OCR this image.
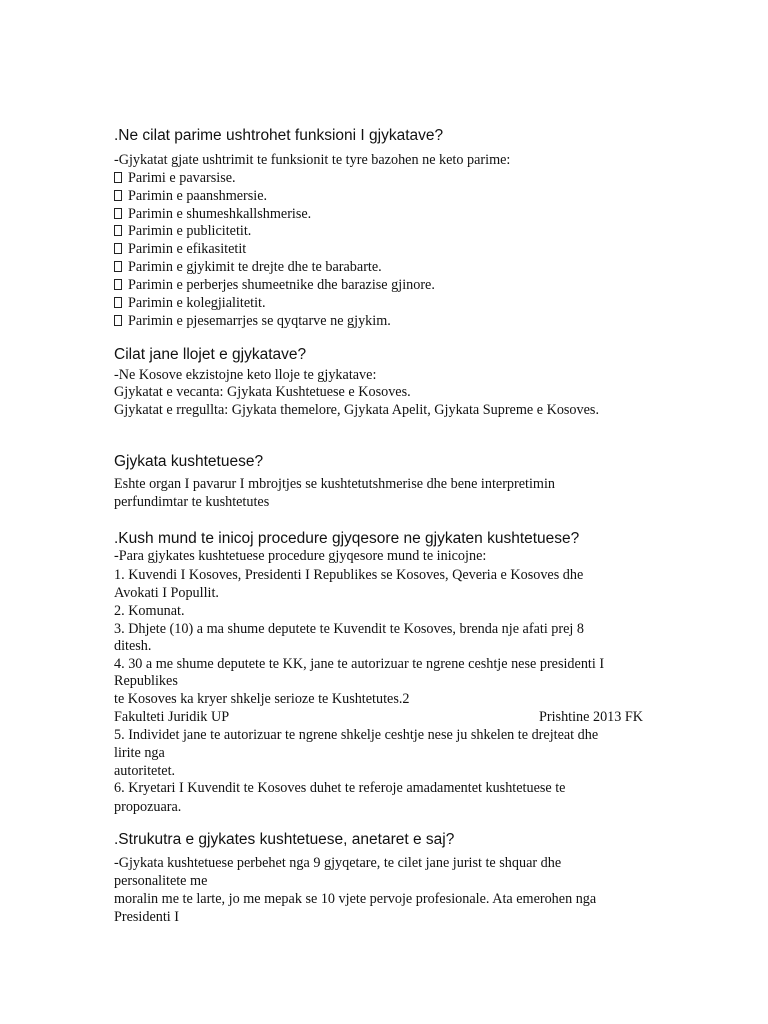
.Ne cilat parime ushtrohet funksioni I gjykatave?
-Gjykatat gjate ushtrimit te funksionit te tyre bazohen ne keto parime:
Parimi e pavarsise.
Parimin e paanshmersie.
Parimin e shumeshkallshmerise.
Parimin e publicitetit.
Parimin e efikasitetit
Parimin e gjykimit te drejte dhe te barabarte.
Parimin e perberjes shumeetnike dhe barazise gjinore.
Parimin e kolegjialitetit.
Parimin e pjesemarrjes se qyqtarve ne gjykim.
Cilat jane llojet e gjykatave?
-Ne Kosove ekzistojne keto lloje te gjykatave:
Gjykatat e vecanta: Gjykata Kushtetuese e Kosoves.
Gjykatat e rregullta: Gjykata themelore, Gjykata Apelit, Gjykata Supreme e Kosoves.
Gjykata kushtetuese?
Eshte organ I pavarur I mbrojtjes se kushtetutshmerise dhe bene interpretimin
perfundimtar te kushtetutes
.Kush mund te inicoj procedure gjyqesore ne gjykaten kushtetuese?
-Para gjykates kushtetuese procedure gjyqesore mund te inicojne:
1. Kuvendi I Kosoves, Presidenti I Republikes se Kosoves, Qeveria e Kosoves dhe
Avokati I Popullit.
2. Komunat.
3. Dhjete (10) a ma shume deputete te Kuvendit te Kosoves, brenda nje afati prej 8
ditesh.
4. 30 a me shume deputete te KK, jane te autorizuar te ngrene ceshtje nese presidenti I
Republikes
te Kosoves ka kryer shkelje serioze te Kushtetutes.2
Fakulteti Juridik UP	Prishtine 2013 FK
5. Individet jane te autorizuar te ngrene shkelje ceshtje nese ju shkelen te drejteat dhe
lirite nga
autoritetet.
6. Kryetari I Kuvendit te Kosoves duhet te referoje amadamentet kushtetuese te
propozuara.
.Strukutra e gjykates kushtetuese, anetaret e saj?
-Gjykata kushtetuese perbehet nga 9 gjyqetare, te cilet jane jurist te shquar dhe
personalitete me
moralin me te larte, jo me mepak se 10 vjete pervoje profesionale. Ata emerohen nga
Presidenti I
